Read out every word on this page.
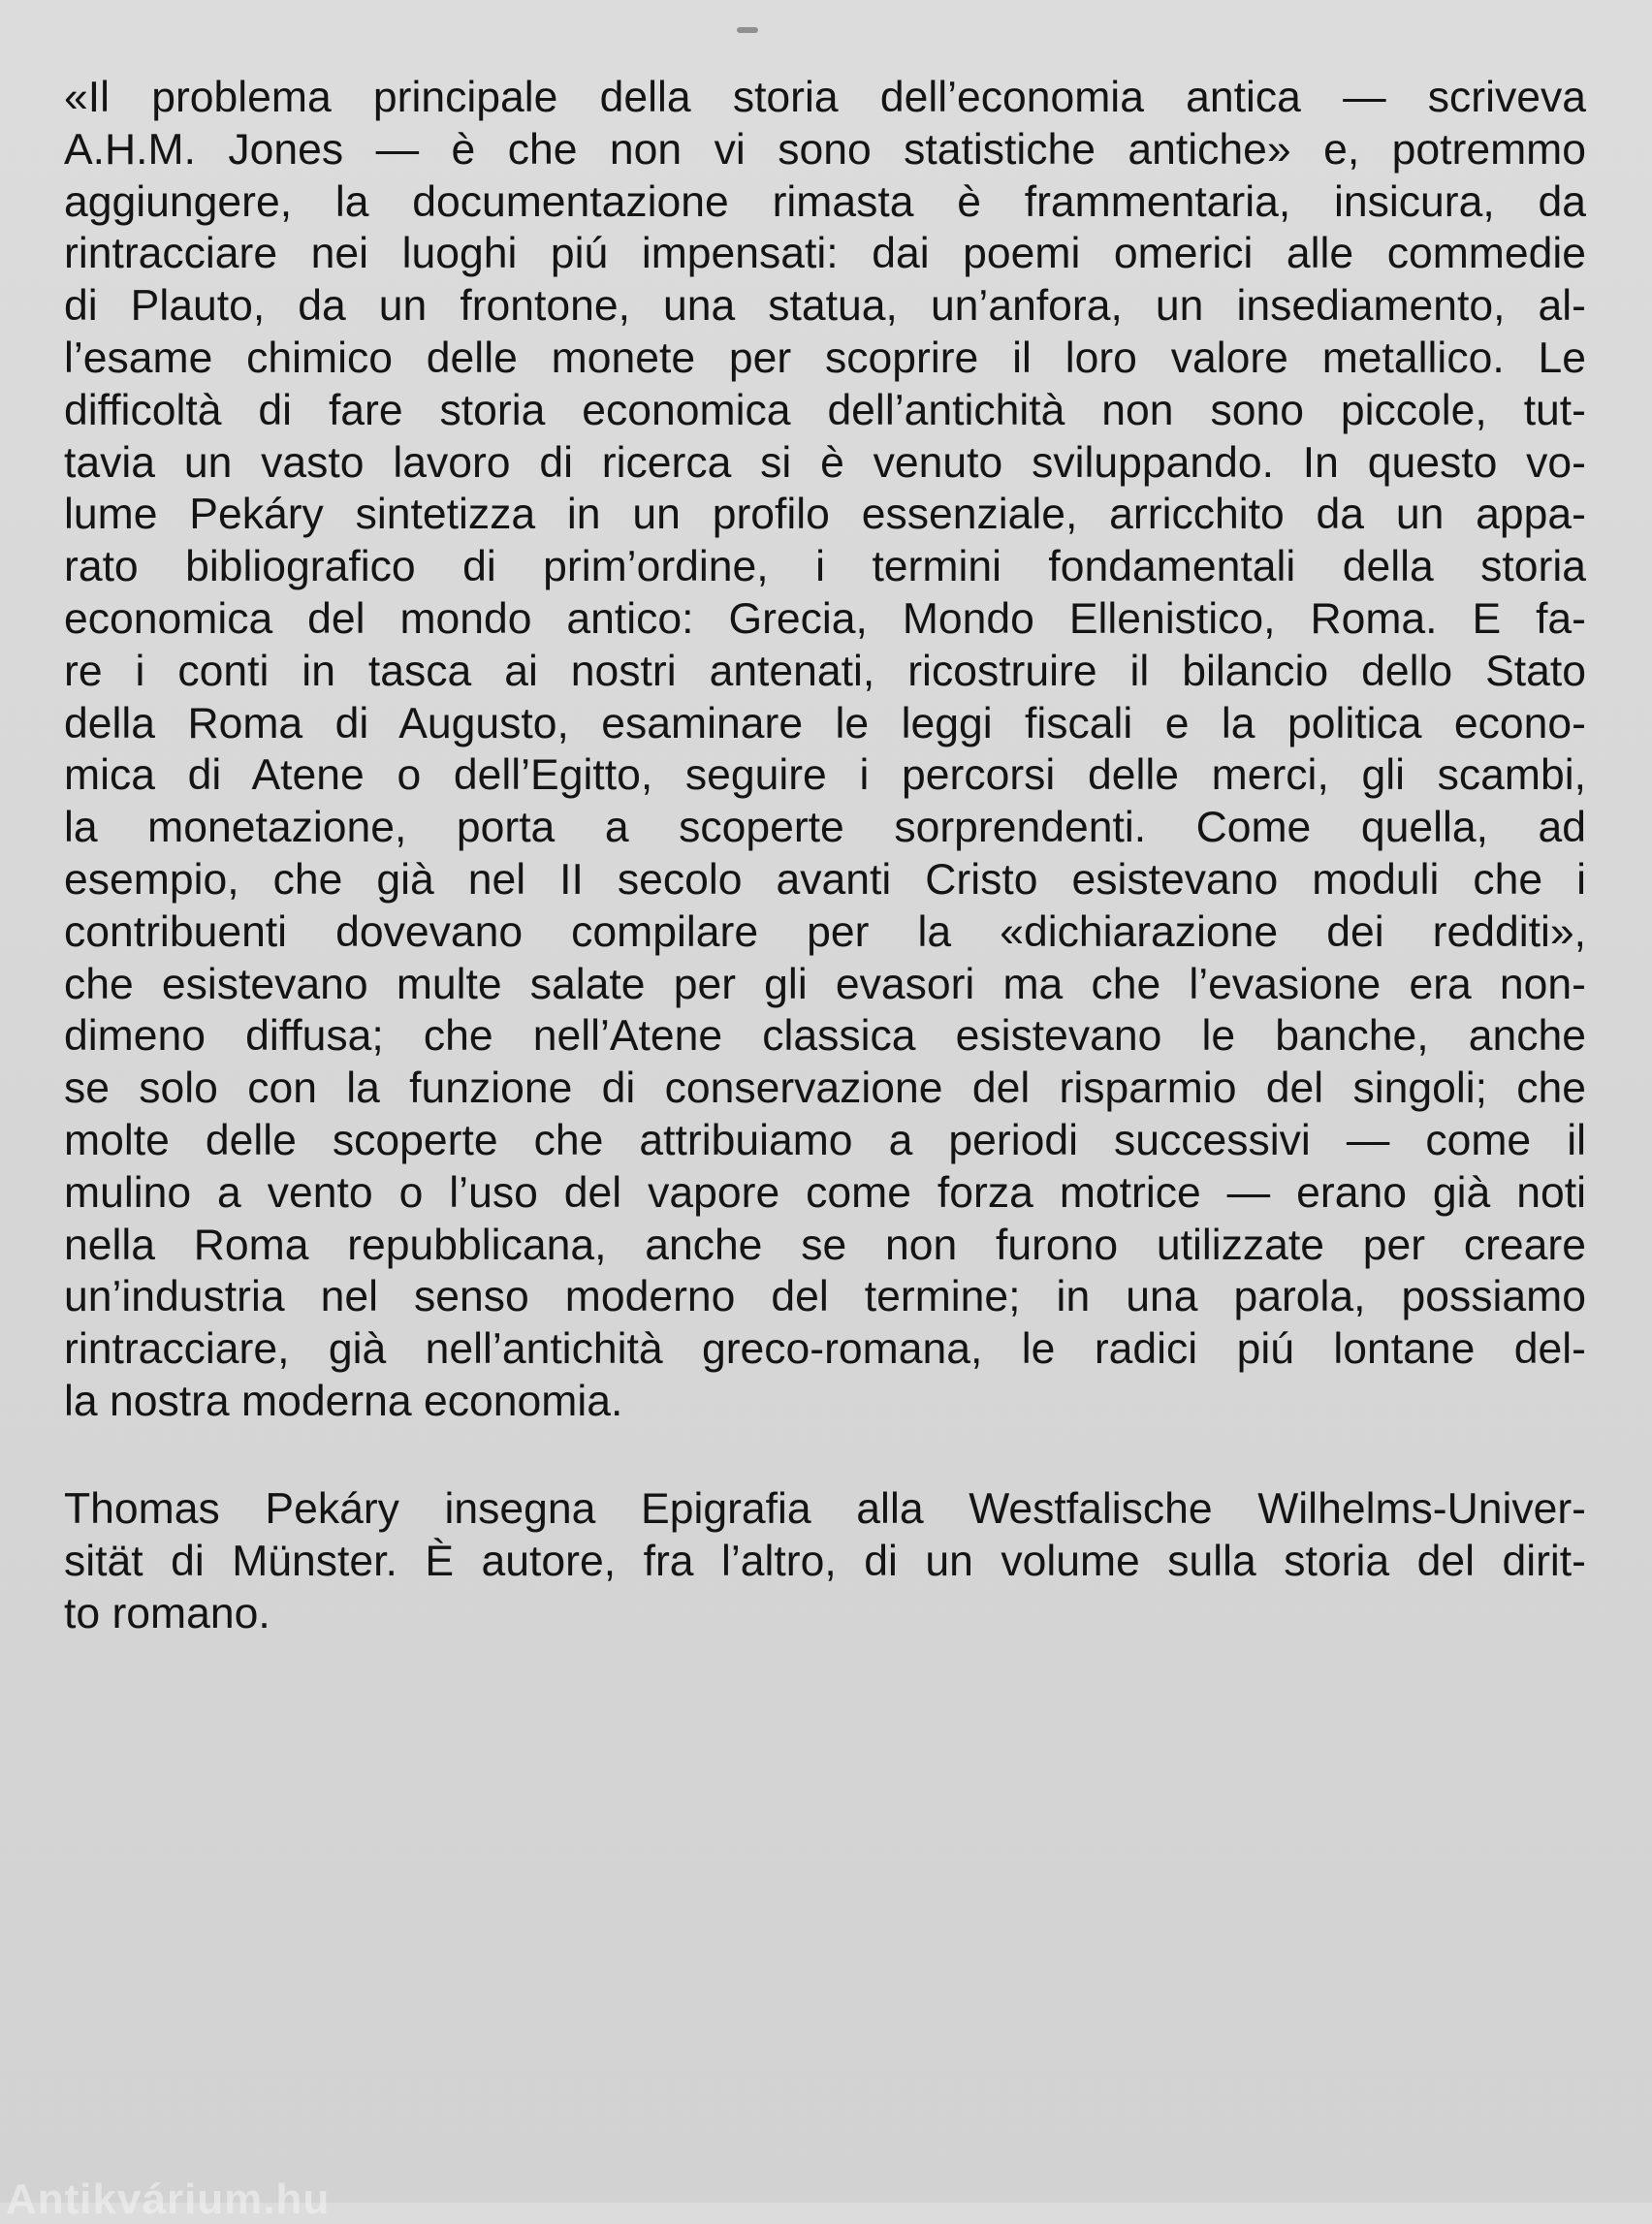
«Il problema principale della storia dell’economia antica — scriveva
A.H.M. Jones — è che non vi sono statistiche antiche» e, potremmo
aggiungere, la documentazione rimasta è frammentaria, insicura, da
rintracciare nei luoghi piú impensati: dai poemi omerici alle commedie
di Plauto, da un frontone, una statua, un’anfora, un insediamento, al-
l’esame chimico delle monete per scoprire il loro valore metallico. Le
difficoltà di fare storia economica dell’antichità non sono piccole, tut-
tavia un vasto lavoro di ricerca si è venuto sviluppando. In questo vo-
lume Pekáry sintetizza in un profilo essenziale, arricchito da un appa-
rato bibliografico di prim’ordine, i termini fondamentali della storia
economica del mondo antico: Grecia, Mondo Ellenistico, Roma. E fa-
re i conti in tasca ai nostri antenati, ricostruire il bilancio dello Stato
della Roma di Augusto, esaminare le leggi fiscali e la politica econo-
mica di Atene o dell’Egitto, seguire i percorsi delle merci, gli scambi,
la monetazione, porta a scoperte sorprendenti. Come quella, ad
esempio, che già nel II secolo avanti Cristo esistevano moduli che i
contribuenti dovevano compilare per la «dichiarazione dei redditi»,
che esistevano multe salate per gli evasori ma che l’evasione era non-
dimeno diffusa; che nell’Atene classica esistevano le banche, anche
se solo con la funzione di conservazione del risparmio del singoli; che
molte delle scoperte che attribuiamo a periodi successivi — come il
mulino a vento o l’uso del vapore come forza motrice — erano già noti
nella Roma repubblicana, anche se non furono utilizzate per creare
un’industria nel senso moderno del termine; in una parola, possiamo
rintracciare, già nell’antichità greco-romana, le radici piú lontane del-
la nostra moderna economia.
Thomas Pekáry insegna Epigrafia alla Westfalische Wilhelms-Univer-
sität di Münster. È autore, fra l’altro, di un volume sulla storia del dirit-
to romano.
Antikvárium.hu
